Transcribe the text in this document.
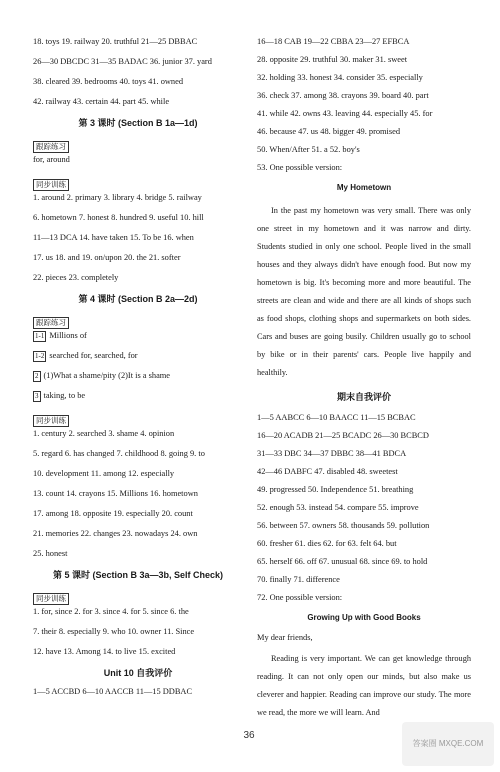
18. toys 19. railway 20. truthful 21—25 DBBAC
26—30 DBCDC 31—35 BADAC 36. junior 37. yard
38. cleared 39. bedrooms 40. toys 41. owned
42. railway 43. certain 44. part 45. while
第 3 课时 (Section B 1a—1d)
跟踪练习
for, around
同步训练
1. around 2. primary 3. library 4. bridge 5. railway
6. hometown 7. honest 8. hundred 9. useful 10. hill
11—13 DCA 14. have taken 15. To be 16. when
17. us 18. and 19. on/upon 20. the 21. softer
22. pieces 23. completely
第 4 课时 (Section B 2a—2d)
跟踪练习
1-1 Millions of
1-2 searched for, searched, for
2 (1)What a shame/pity (2)It is a shame
3 taking, to be
同步训练
1. century 2. searched 3. shame 4. opinion
5. regard 6. has changed 7. childhood 8. going 9. to
10. development 11. among 12. especially
13. count 14. crayons 15. Millions 16. hometown
17. among 18. opposite 19. especially 20. count
21. memories 22. changes 23. nowadays 24. own
25. honest
第 5 课时 (Section B 3a—3b, Self Check)
同步训练
1. for, since 2. for 3. since 4. for 5. since 6. the
7. their 8. especially 9. who 10. owner 11. Since
12. have 13. Among 14. to live 15. excited
Unit 10 自我评价
1—5 ACCBD 6—10 AACCB 11—15 DDBAC
16—18 CAB 19—22 CBBA 23—27 EFBCA
28. opposite 29. truthful 30. maker 31. sweet
32. holding 33. honest 34. consider 35. especially
36. check 37. among 38. crayons 39. board 40. part
41. while 42. owns 43. leaving 44. especially 45. for
46. because 47. us 48. bigger 49. promised
50. When/After 51. a 52. boy's
53. One possible version:
My Hometown
In the past my hometown was very small. There was only one street in my hometown and it was narrow and dirty. Students studied in only one school. People lived in the small houses and they always didn't have enough food. But now my hometown is big. It's becoming more and more beautiful. The streets are clean and wide and there are all kinds of shops such as food shops, clothing shops and supermarkets on both sides. Cars and buses are going busily. Children usually go to school by bike or in their parents' cars. People live happily and healthily.
期末自我评价
1—5 AABCC 6—10 BAACC 11—15 BCBAC
16—20 ACADB 21—25 BCADC 26—30 BCBCD
31—33 DBC 34—37 DBBC 38—41 BDCA
42—46 DABFC 47. disabled 48. sweetest
49. progressed 50. Independence 51. breathing
52. enough 53. instead 54. compare 55. improve
56. between 57. owners 58. thousands 59. pollution
60. fresher 61. dies 62. for 63. felt 64. but
65. herself 66. off 67. unusual 68. since 69. to hold
70. finally 71. difference
72. One possible version:
Growing Up with Good Books
My dear friends,
Reading is very important. We can get knowledge through reading. It can not only open our minds, but also make us cleverer and happier. Reading can improve our study. The more we read, the more we will learn. And
36
答案圈 MXQE.COM
